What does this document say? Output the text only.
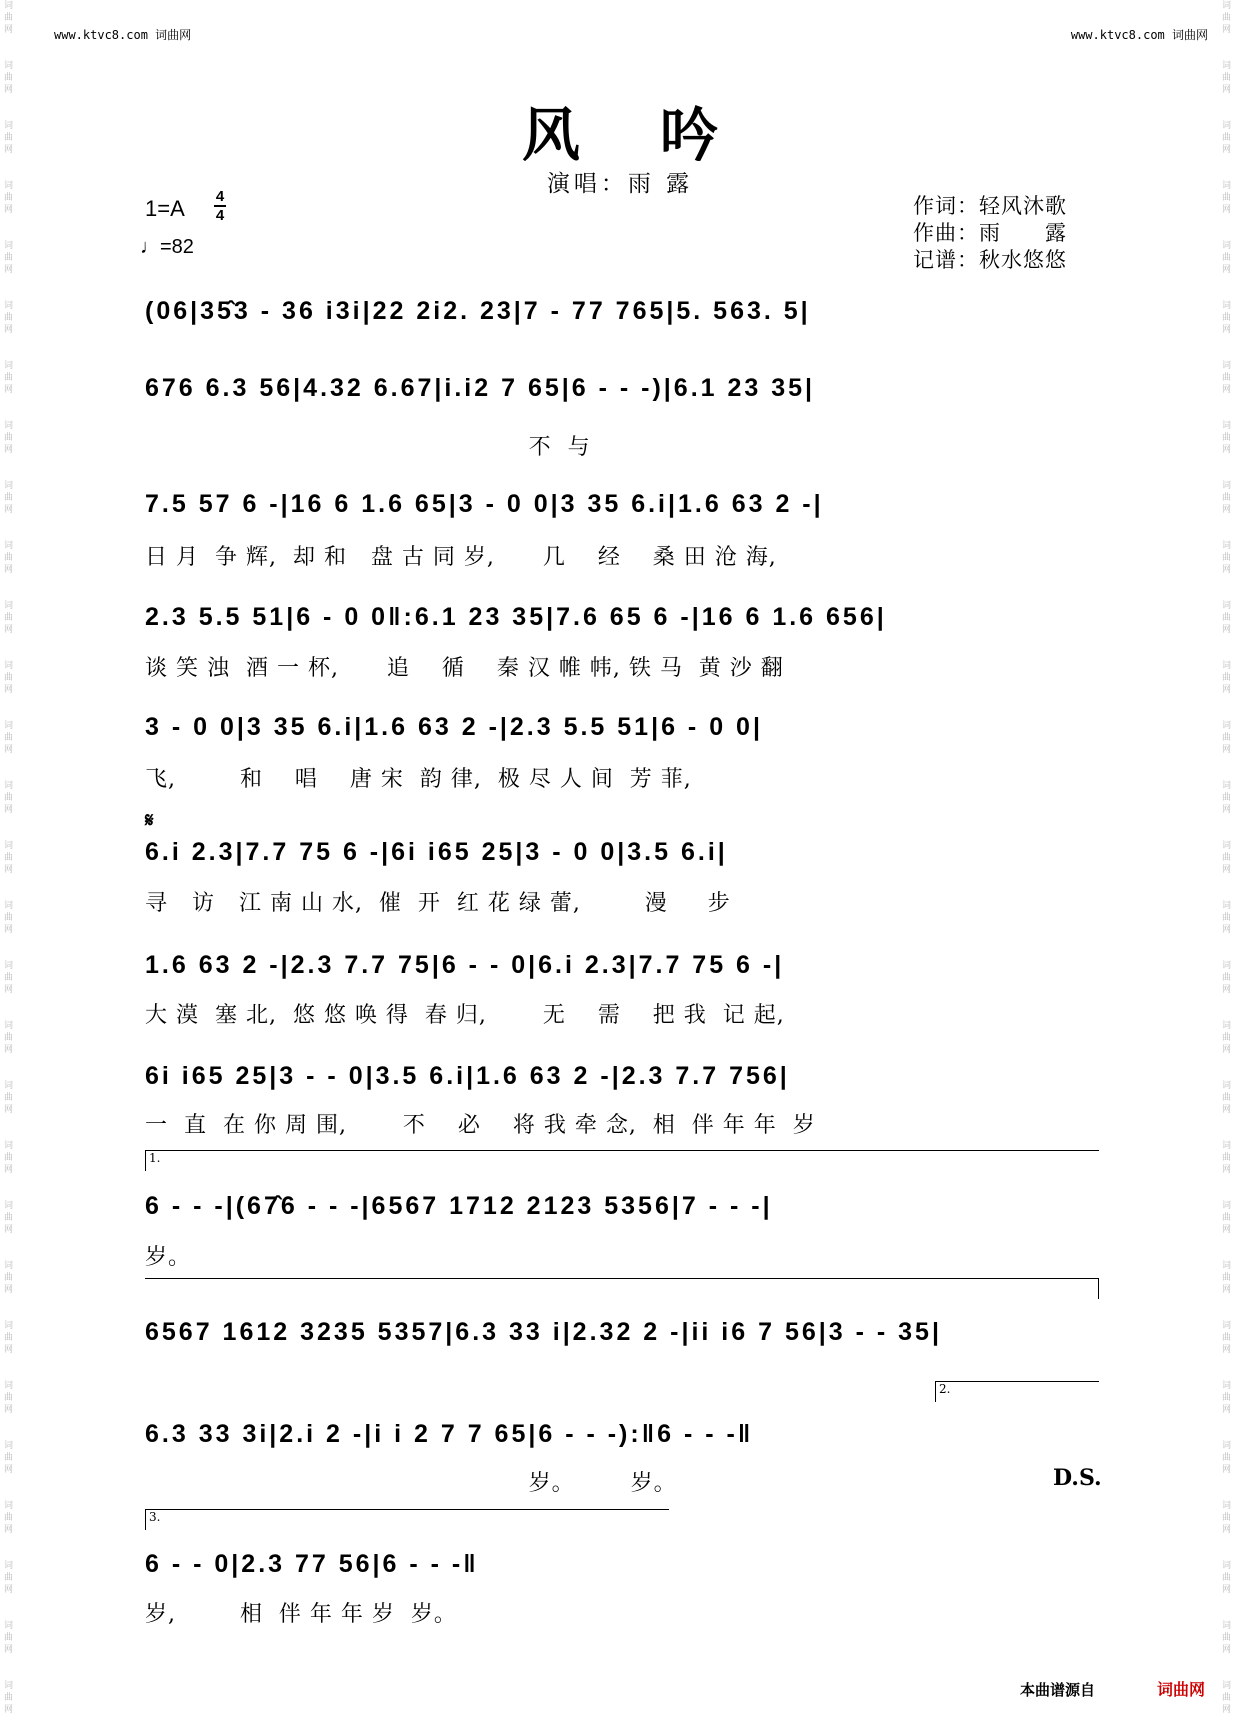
词曲网
词曲网
词曲网
词曲网
词曲网
词曲网
词曲网
词曲网
词曲网
词曲网
词曲网
词曲网
词曲网
词曲网
词曲网
词曲网
词曲网
词曲网
词曲网
词曲网
词曲网
词曲网
词曲网
词曲网
词曲网
词曲网
词曲网
词曲网
词曲网
词曲网
词曲网
词曲网
词曲网
词曲网
词曲网
词曲网
词曲网
词曲网
词曲网
词曲网
词曲网
词曲网
词曲网
词曲网
词曲网
词曲网
词曲网
词曲网
词曲网
词曲网
词曲网
词曲网
词曲网
词曲网
词曲网
词曲网
词曲网
词曲网
www.ktvc8.com 词曲网	www.ktvc8.com 词曲网
风吟
演唱：雨 露
1=A 4
4
♩=82
作词：轻风沐歌
作曲：雨　　露
记谱：秋水悠悠
(06|35̂3 - 36 i3i|22 2i2. 23|7 - 77 765|5. 563. 5|
676 6.3 56|4.32 6.67|i.i2 7 65|6 - - -)|6.1 23 35|
不  与
7.5 57 6 -|16 6 1.6 65|3 - 0 0|3 35 6.i|1.6 63 2 -|
日 月  争 辉,  却 和   盘 古 同 岁,      几    经    桑 田 沧 海,
2.3 5.5 51|6 - 0 0‖:6.1 23 35|7.6 65 6 -|16 6 1.6 656|
谈 笑 浊  酒 一 杯,      追    循    秦 汉 帷 帏, 铁 马  黄 沙 翻
3 - 0 0|3 35 6.i|1.6 63 2 -|2.3 5.5 51|6 - 0 0|
飞,        和    唱    唐 宋  韵 律,  极 尽 人 间  芳 菲,
𝄋
6.i 2.3|7.7 75 6 -|6i i65 25|3 - 0 0|3.5 6.i|
寻   访   江 南 山 水,  催  开  红 花 绿 蕾,        漫     步
1.6 63 2 -|2.3 7.7 75|6 - - 0|6.i 2.3|7.7 75 6 -|
大 漠  塞 北,  悠 悠 唤 得  春 归,       无    需    把 我  记 起,
6i i65 25|3 - - 0|3.5 6.i|1.6 63 2 -|2.3 7.7 756|
一  直  在 你 周 围,       不    必    将 我 牵 念,  相  伴 年 年  岁
1.
6 - - -|(67̂6 - - -|6567 1712 2123 5356|7 - - -|
岁。
6567 1612 3235 5357|6.3 33 i|2.32 2 -|ii i6 7 56|3 - - 35|
2.
6.3 33 3i|2.i 2 -|i i 2 7 7 65|6 - - -):‖6 - - -‖
岁。       岁。	D.S.
3.
6 - - 0|2.3 77 56|6 - - -‖
岁,        相  伴 年 年 岁  岁。
本曲谱源自	词曲网
